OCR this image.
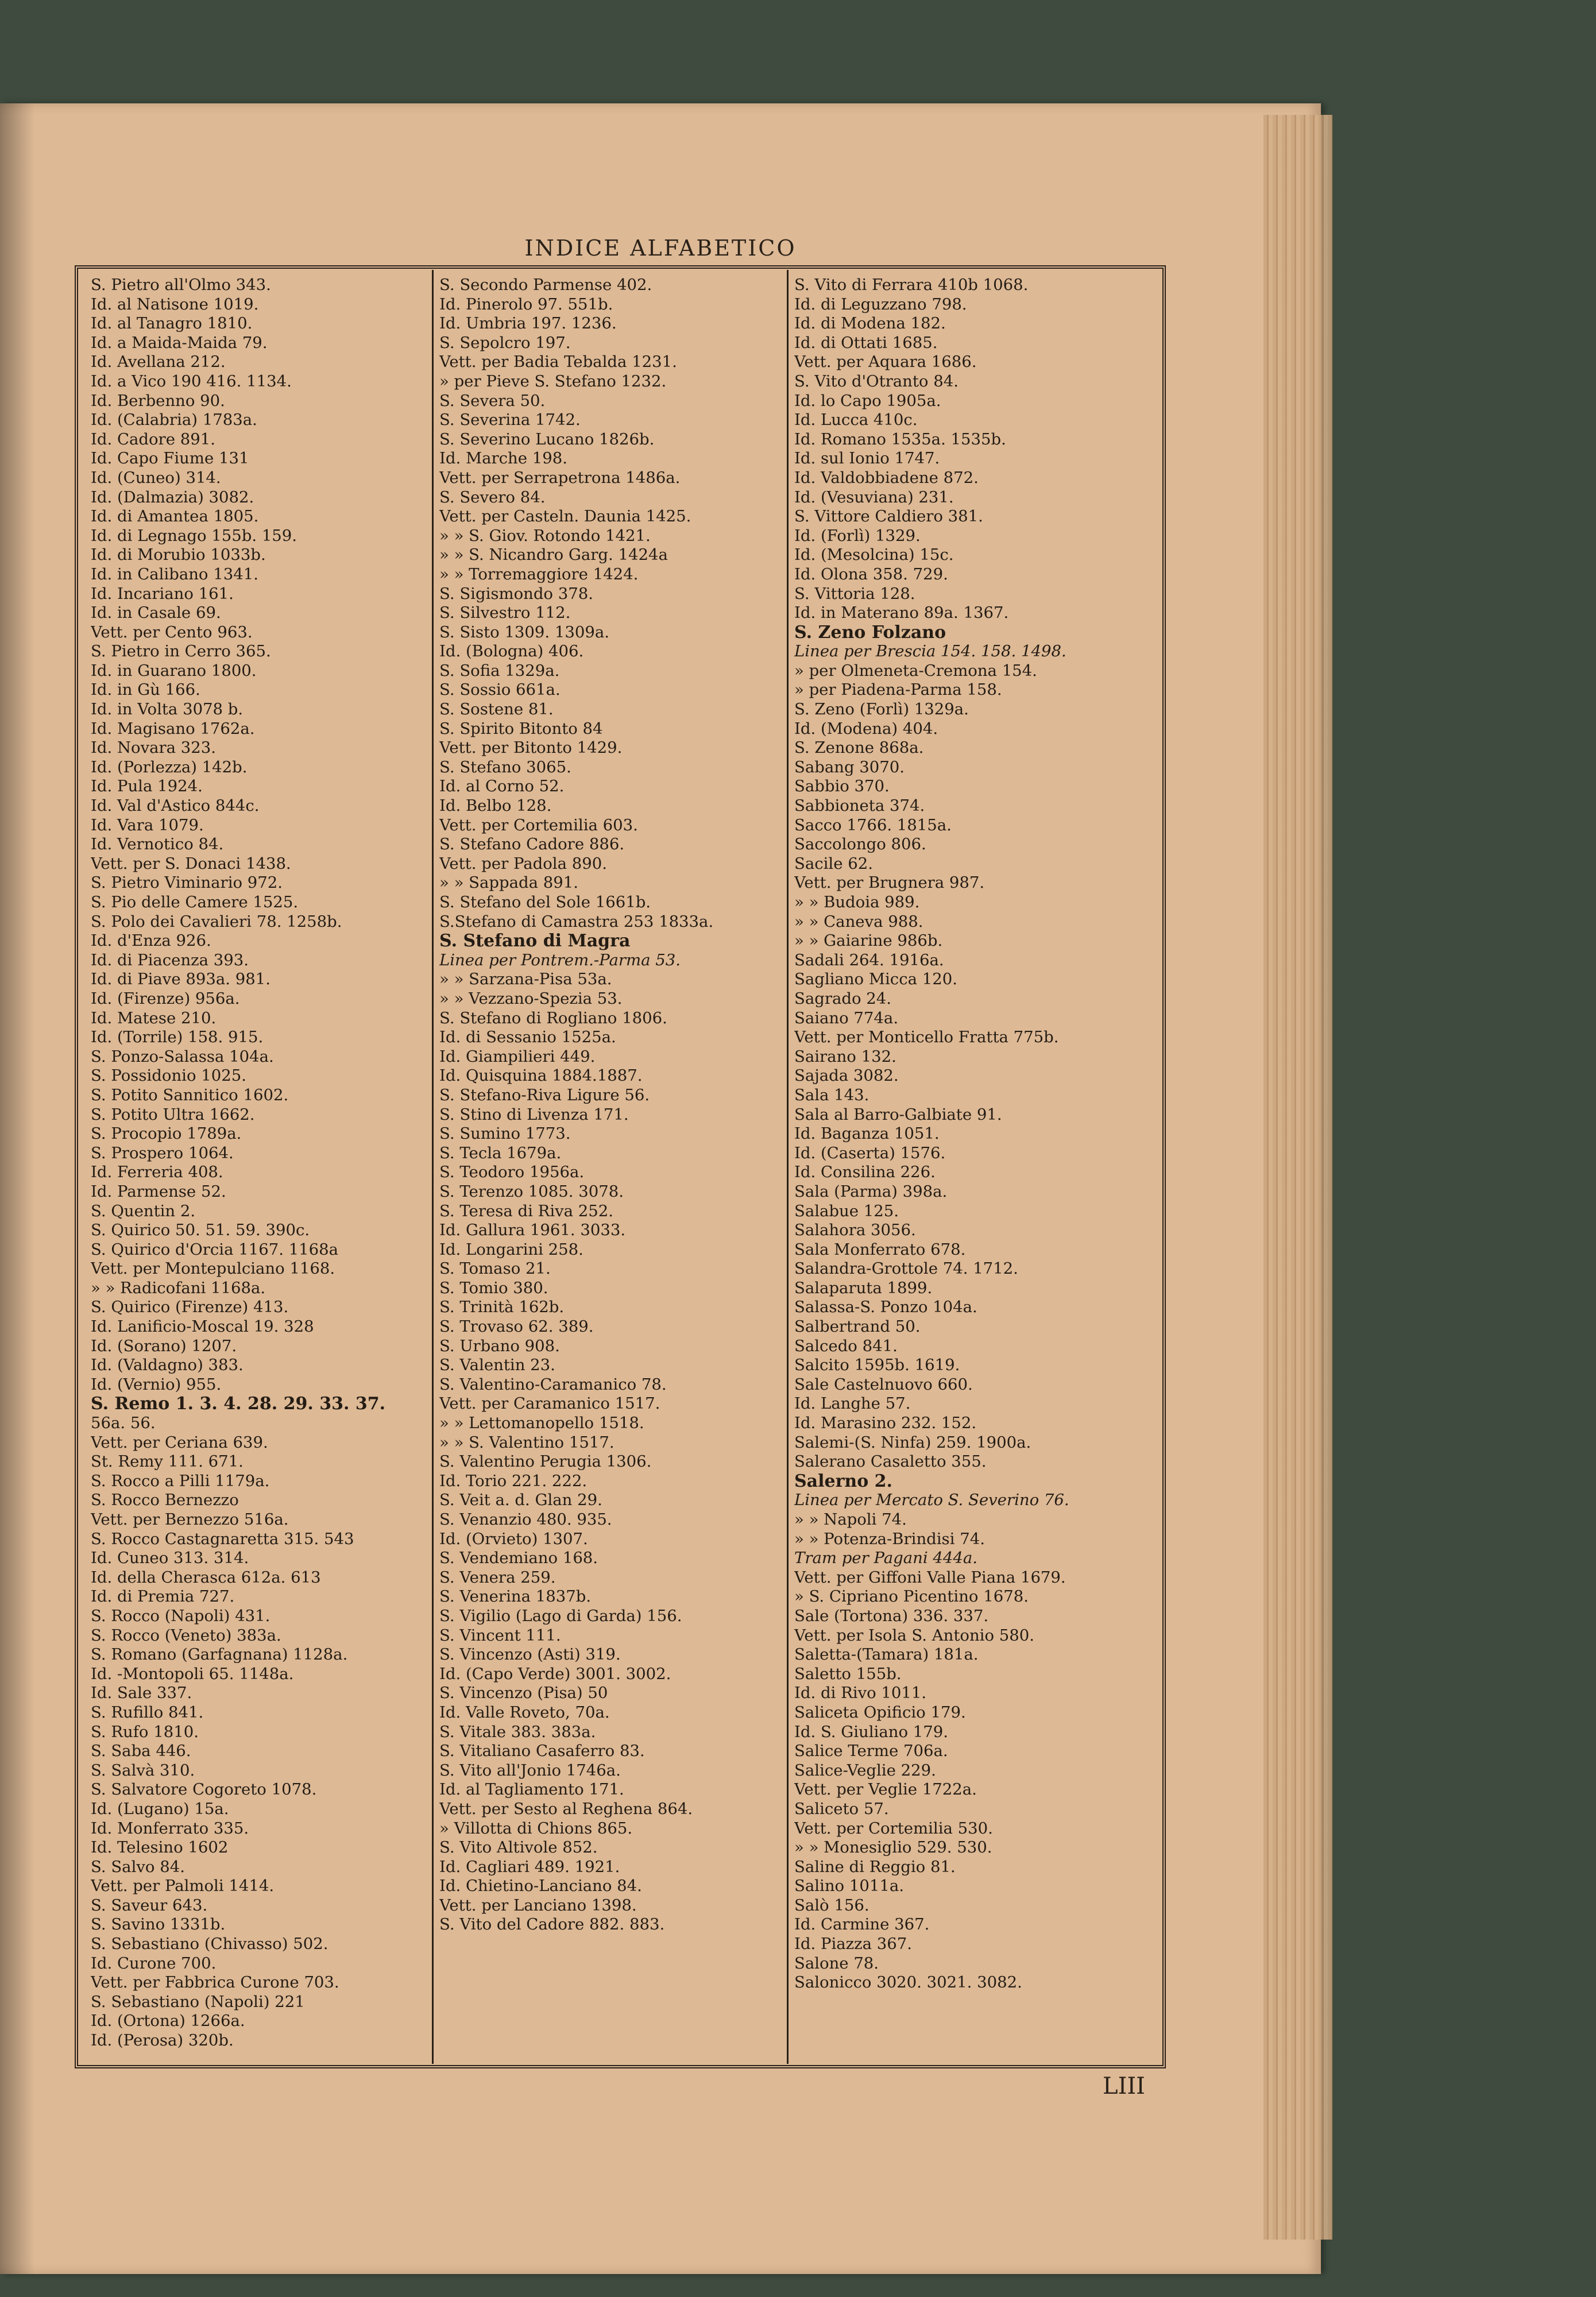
INDICE ALFABETICO
S. Pietro all'Olmo 343.
Id. al Natisone 1019.
Id. al Tanagro 1810.
Id. a Maida-Maida 79.
Id. Avellana 212.
Id. a Vico 190 416. 1134.
Id. Berbenno 90.
Id. (Calabria) 1783a.
Id. Cadore 891.
Id. Capo Fiume 131
Id. (Cuneo) 314.
Id. (Dalmazia) 3082.
Id. di Amantea 1805.
Id. di Legnago 155b. 159.
Id. di Morubio 1033b.
Id. in Calibano 1341.
Id. Incariano 161.
Id. in Casale 69.
Vett. per Cento 963.
S. Pietro in Cerro 365.
Id. in Guarano 1800.
Id. in Gù 166.
Id. in Volta 3078 b.
Id. Magisano 1762a.
Id. Novara 323.
Id. (Porlezza) 142b.
Id. Pula 1924.
Id. Val d'Astico 844c.
Id. Vara 1079.
Id. Vernotico 84.
Vett. per S. Donaci 1438.
S. Pietro Viminario 972.
S. Pio delle Camere 1525.
S. Polo dei Cavalieri 78. 1258b.
Id. d'Enza 926.
Id. di Piacenza 393.
Id. di Piave 893a. 981.
Id. (Firenze) 956a.
Id. Matese 210.
Id. (Torrile) 158. 915.
S. Ponzo-Salassa 104a.
S. Possidonio 1025.
S. Potito Sannitico 1602.
S. Potito Ultra 1662.
S. Procopio 1789a.
S. Prospero 1064.
Id. Ferreria 408.
Id. Parmense 52.
S. Quentin 2.
S. Quirico 50. 51. 59. 390c.
S. Quirico d'Orcia 1167. 1168a
Vett. per Montepulciano 1168.
» » Radicofani 1168a.
S. Quirico (Firenze) 413.
Id. Lanificio-Moscal 19. 328
Id. (Sorano) 1207.
Id. (Valdagno) 383.
Id. (Vernio) 955.
S. Remo 1. 3. 4. 28. 29. 33. 37.
56a. 56.
Vett. per Ceriana 639.
St. Remy 111. 671.
S. Rocco a Pilli 1179a.
S. Rocco Bernezzo
Vett. per Bernezzo 516a.
S. Rocco Castagnaretta 315. 543
Id. Cuneo 313. 314.
Id. della Cherasca 612a. 613
Id. di Premia 727.
S. Rocco (Napoli) 431.
S. Rocco (Veneto) 383a.
S. Romano (Garfagnana) 1128a.
Id. -Montopoli 65. 1148a.
Id. Sale 337.
S. Rufillo 841.
S. Rufo 1810.
S. Saba 446.
S. Salvà 310.
S. Salvatore Cogoreto 1078.
Id. (Lugano) 15a.
Id. Monferrato 335.
Id. Telesino 1602
S. Salvo 84.
Vett. per Palmoli 1414.
S. Saveur 643.
S. Savino 1331b.
S. Sebastiano (Chivasso) 502.
Id. Curone 700.
Vett. per Fabbrica Curone 703.
S. Sebastiano (Napoli) 221
Id. (Ortona) 1266a.
Id. (Perosa) 320b.
S. Secondo Parmense 402.
Id. Pinerolo 97. 551b.
Id. Umbria 197. 1236.
S. Sepolcro 197.
Vett. per Badia Tebalda 1231.
» per Pieve S. Stefano 1232.
S. Severa 50.
S. Severina 1742.
S. Severino Lucano 1826b.
Id. Marche 198.
Vett. per Serrapetrona 1486a.
S. Severo 84.
Vett. per Casteln. Daunia 1425.
» » S. Giov. Rotondo 1421.
» » S. Nicandro Garg. 1424a
» » Torremaggiore 1424.
S. Sigismondo 378.
S. Silvestro 112.
S. Sisto 1309. 1309a.
Id. (Bologna) 406.
S. Sofia 1329a.
S. Sossio 661a.
S. Sostene 81.
S. Spirito Bitonto 84
Vett. per Bitonto 1429.
S. Stefano 3065.
Id. al Corno 52.
Id. Belbo 128.
Vett. per Cortemilia 603.
S. Stefano Cadore 886.
Vett. per Padola 890.
» » Sappada 891.
S. Stefano del Sole 1661b.
S.Stefano di Camastra 253 1833a.
S. Stefano di Magra
Linea per Pontrem.-Parma 53.
» » Sarzana-Pisa 53a.
» » Vezzano-Spezia 53.
S. Stefano di Rogliano 1806.
Id. di Sessanio 1525a.
Id. Giampilieri 449.
Id. Quisquina 1884.1887.
S. Stefano-Riva Ligure 56.
S. Stino di Livenza 171.
S. Sumino 1773.
S. Tecla 1679a.
S. Teodoro 1956a.
S. Terenzo 1085. 3078.
S. Teresa di Riva 252.
Id. Gallura 1961. 3033.
Id. Longarini 258.
S. Tomaso 21.
S. Tomio 380.
S. Trinità 162b.
S. Trovaso 62. 389.
S. Urbano 908.
S. Valentin 23.
S. Valentino-Caramanico 78.
Vett. per Caramanico 1517.
» » Lettomanopello 1518.
» » S. Valentino 1517.
S. Valentino Perugia 1306.
Id. Torio 221. 222.
S. Veit a. d. Glan 29.
S. Venanzio 480. 935.
Id. (Orvieto) 1307.
S. Vendemiano 168.
S. Venera 259.
S. Venerina 1837b.
S. Vigilio (Lago di Garda) 156.
S. Vincent 111.
S. Vincenzo (Asti) 319.
Id. (Capo Verde) 3001. 3002.
S. Vincenzo (Pisa) 50
Id. Valle Roveto, 70a.
S. Vitale 383. 383a.
S. Vitaliano Casaferro 83.
S. Vito all'Jonio 1746a.
Id. al Tagliamento 171.
Vett. per Sesto al Reghena 864.
» Villotta di Chions 865.
S. Vito Altivole 852.
Id. Cagliari 489. 1921.
Id. Chietino-Lanciano 84.
Vett. per Lanciano 1398.
S. Vito del Cadore 882. 883.
S. Vito di Ferrara 410b 1068.
Id. di Leguzzano 798.
Id. di Modena 182.
Id. di Ottati 1685.
Vett. per Aquara 1686.
S. Vito d'Otranto 84.
Id. lo Capo 1905a.
Id. Lucca 410c.
Id. Romano 1535a. 1535b.
Id. sul Ionio 1747.
Id. Valdobbiadene 872.
Id. (Vesuviana) 231.
S. Vittore Caldiero 381.
Id. (Forlì) 1329.
Id. (Mesolcina) 15c.
Id. Olona 358. 729.
S. Vittoria 128.
Id. in Materano 89a. 1367.
S. Zeno Folzano
Linea per Brescia 154. 158. 1498.
» per Olmeneta-Cremona 154.
» per Piadena-Parma 158.
S. Zeno (Forlì) 1329a.
Id. (Modena) 404.
S. Zenone 868a.
Sabang 3070.
Sabbio 370.
Sabbioneta 374.
Sacco 1766. 1815a.
Saccolongo 806.
Sacile 62.
Vett. per Brugnera 987.
» » Budoia 989.
» » Caneva 988.
» » Gaiarine 986b.
Sadali 264. 1916a.
Sagliano Micca 120.
Sagrado 24.
Saiano 774a.
Vett. per Monticello Fratta 775b.
Sairano 132.
Sajada 3082.
Sala 143.
Sala al Barro-Galbiate 91.
Id. Baganza 1051.
Id. (Caserta) 1576.
Id. Consilina 226.
Sala (Parma) 398a.
Salabue 125.
Salahora 3056.
Sala Monferrato 678.
Salandra-Grottole 74. 1712.
Salaparuta 1899.
Salassa-S. Ponzo 104a.
Salbertrand 50.
Salcedo 841.
Salcito 1595b. 1619.
Sale Castelnuovo 660.
Id. Langhe 57.
Id. Marasino 232. 152.
Salemi-(S. Ninfa) 259. 1900a.
Salerano Casaletto 355.
Salerno 2.
Linea per Mercato S. Severino 76.
» » Napoli 74.
» » Potenza-Brindisi 74.
Tram per Pagani 444a.
Vett. per Giffoni Valle Piana 1679.
» S. Cipriano Picentino 1678.
Sale (Tortona) 336. 337.
Vett. per Isola S. Antonio 580.
Saletta-(Tamara) 181a.
Saletto 155b.
Id. di Rivo 1011.
Saliceta Opificio 179.
Id. S. Giuliano 179.
Salice Terme 706a.
Salice-Veglie 229.
Vett. per Veglie 1722a.
Saliceto 57.
Vett. per Cortemilia 530.
» » Monesiglio 529. 530.
Saline di Reggio 81.
Salino 1011a.
Salò 156.
Id. Carmine 367.
Id. Piazza 367.
Salone 78.
Salonicco 3020. 3021. 3082.
LIII
